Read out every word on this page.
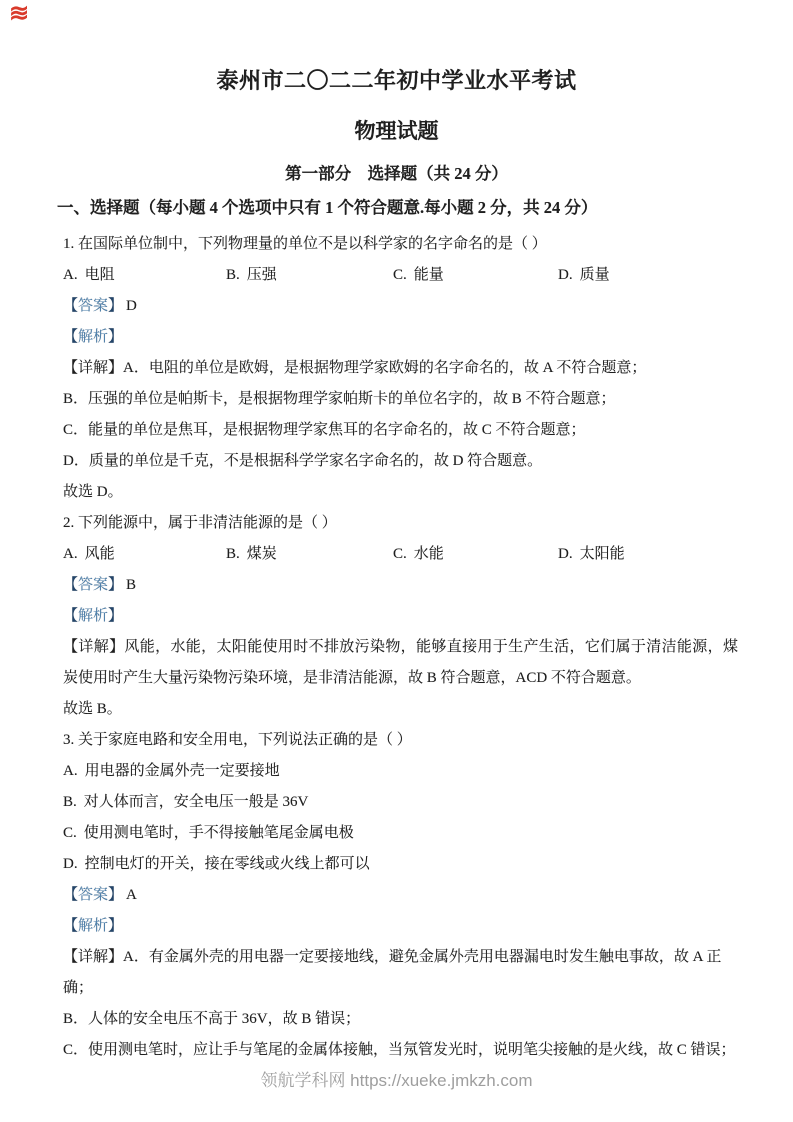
≋
泰州市二〇二二年初中学业水平考试
物理试题
第一部分　选择题（共 24 分）
一、选择题（每小题 4 个选项中只有 1 个符合题意.每小题 2 分，共 24 分）
1. 在国际单位制中，下列物理量的单位不是以科学家的名字命名的是（ ）
A. 电阻	B. 压强	C. 能量	D. 质量
【答案】 D
【解析】
【详解】A．电阻的单位是欧姆，是根据物理学家欧姆的名字命名的，故 A 不符合题意；
B．压强的单位是帕斯卡，是根据物理学家帕斯卡的单位名字的，故 B 不符合题意；
C．能量的单位是焦耳，是根据物理学家焦耳的名字命名的，故 C 不符合题意；
D．质量的单位是千克，不是根据科学学家名字命名的，故 D 符合题意。
故选 D。
2. 下列能源中，属于非清洁能源的是（ ）
A. 风能	B. 煤炭	C. 水能	D. 太阳能
【答案】 B
【解析】
【详解】风能，水能，太阳能使用时不排放污染物，能够直接用于生产生活，它们属于清洁能源，煤炭使用时产生大量污染物污染环境，是非清洁能源，故 B 符合题意，ACD 不符合题意。
故选 B。
3. 关于家庭电路和安全用电，下列说法正确的是（ ）
A. 用电器的金属外壳一定要接地
B. 对人体而言，安全电压一般是 36V
C. 使用测电笔时，手不得接触笔尾金属电极
D. 控制电灯的开关，接在零线或火线上都可以
【答案】 A
【解析】
【详解】A．有金属外壳的用电器一定要接地线，避免金属外壳用电器漏电时发生触电事故，故 A 正确；
B．人体的安全电压不高于 36V，故 B 错误；
C．使用测电笔时，应让手与笔尾的金属体接触，当氖管发光时，说明笔尖接触的是火线，故 C 错误；
领航学科网 https://xueke.jmkzh.com
